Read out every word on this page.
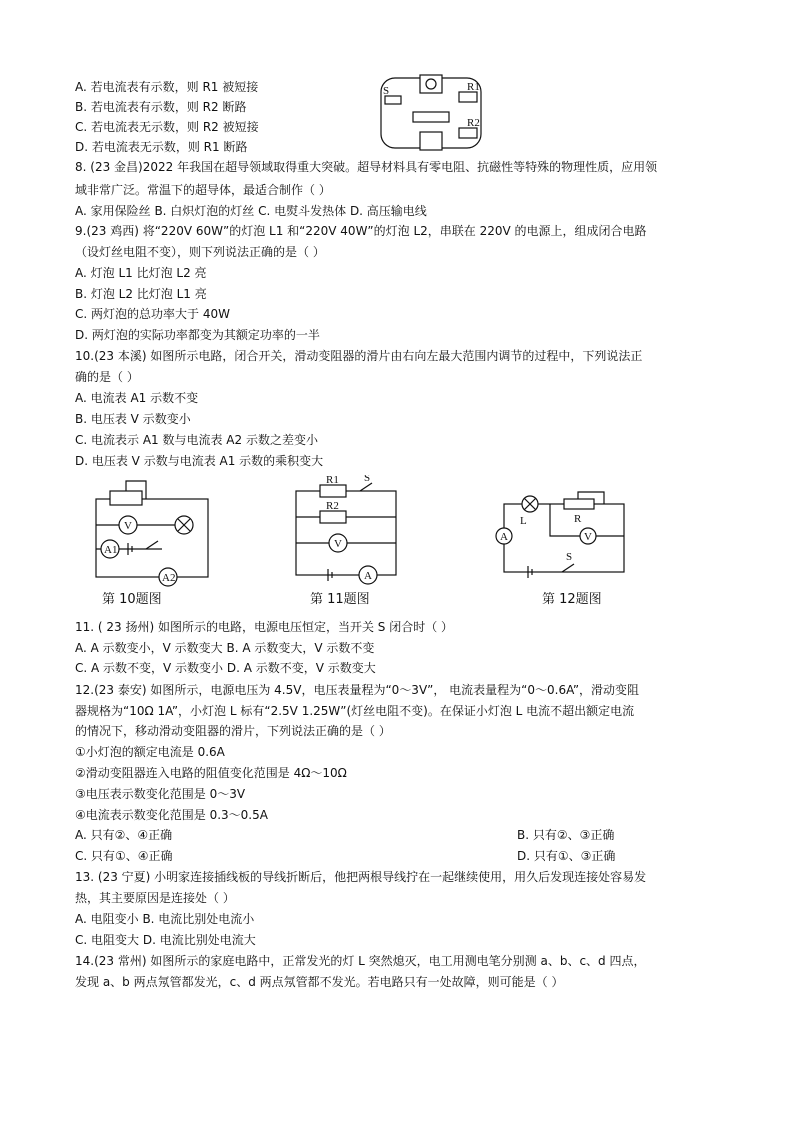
A. 若电流表有示数，则 R1 被短接
B. 若电流表有示数，则 R2 断路
C. 若电流表无示数，则 R2 被短接
D. 若电流表无示数，则 R1 断路
S	R1
R2
8. (23 金昌)2022 年我国在超导领域取得重大突破。超导材料具有零电阻、抗磁性等特殊的物理性质，应用领
域非常广泛。常温下的超导体，最适合制作（ ）
A. 家用保险丝 B. 白炽灯泡的灯丝 C. 电熨斗发热体 D. 高压输电线
9.(23 鸡西) 将“220V 60W”的灯泡 L1 和“220V 40W”的灯泡 L2，串联在 220V 的电源上，组成闭合电路
（设灯丝电阻不变），则下列说法正确的是（ ）
A. 灯泡 L1 比灯泡 L2 亮
B. 灯泡 L2 比灯泡 L1 亮
C. 两灯泡的总功率大于 40W
D. 两灯泡的实际功率都变为其额定功率的一半
10.(23 本溪) 如图所示电路，闭合开关，滑动变阻器的滑片由右向左最大范围内调节的过程中，下列说法正
确的是（ ）
A. 电流表 A1 示数不变
B. 电压表 V 示数变小
C. 电流表示 A1 数与电流表 A2 示数之差变小
D. 电压表 V 示数与电流表 A1 示数的乘积变大
V
A1
A2
R1 S
R2
V
A
L	R
V
A
S
第 10题图	第 11题图	第 12题图
11. ( 23 扬州) 如图所示的电路，电源电压恒定，当开关 S 闭合时（ ）
A. A 示数变小，V 示数变大 B. A 示数变大，V 示数不变
C. A 示数不变，V 示数变小 D. A 示数不变，V 示数变大
12.(23 泰安) 如图所示，电源电压为 4.5V，电压表量程为“0～3V”， 电流表量程为“0～0.6A”，滑动变阻
器规格为“10Ω 1A”，小灯泡 L 标有“2.5V 1.25W”(灯丝电阻不变)。在保证小灯泡 L 电流不超出额定电流
的情况下，移动滑动变阻器的滑片，下列说法正确的是（ ）
①小灯泡的额定电流是 0.6A
②滑动变阻器连入电路的阻值变化范围是 4Ω～10Ω
③电压表示数变化范围是 0～3V
④电流表示数变化范围是 0.3～0.5A
A. 只有②、④正确	B. 只有②、③正确
C. 只有①、④正确	D. 只有①、③正确
13. (23 宁夏) 小明家连接插线板的导线折断后，他把两根导线拧在一起继续使用，用久后发现连接处容易发
热，其主要原因是连接处（ ）
A. 电阻变小 B. 电流比别处电流小
C. 电阻变大 D. 电流比别处电流大
14.(23 常州) 如图所示的家庭电路中，正常发光的灯 L 突然熄灭，电工用测电笔分别测 a、b、c、d 四点，
发现 a、b 两点氖管都发光，c、d 两点氖管都不发光。若电路只有一处故障，则可能是（ ）
